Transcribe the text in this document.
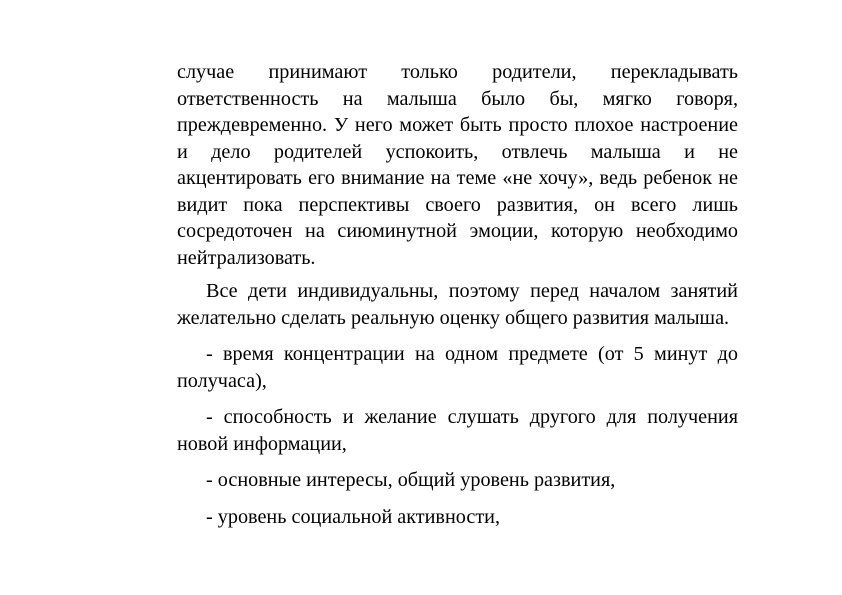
случае принимают только родители, перекладывать ответственность на малыша было бы, мягко говоря, преждевременно. У него может быть просто плохое настроение и дело родителей успокоить, отвлечь малыша и не акцентировать его внимание на теме «не хочу», ведь ребенок не видит пока перспективы своего развития, он всего лишь сосредоточен на сиюминутной эмоции, которую необходимо нейтрализовать.

Все дети индивидуальны, поэтому перед началом занятий желательно сделать реальную оценку общего развития малыша.

- время концентрации на одном предмете (от 5 минут до получаса),

- способность и желание слушать другого для получения новой информации,

- основные интересы, общий уровень развития,

- уровень социальной активности,
